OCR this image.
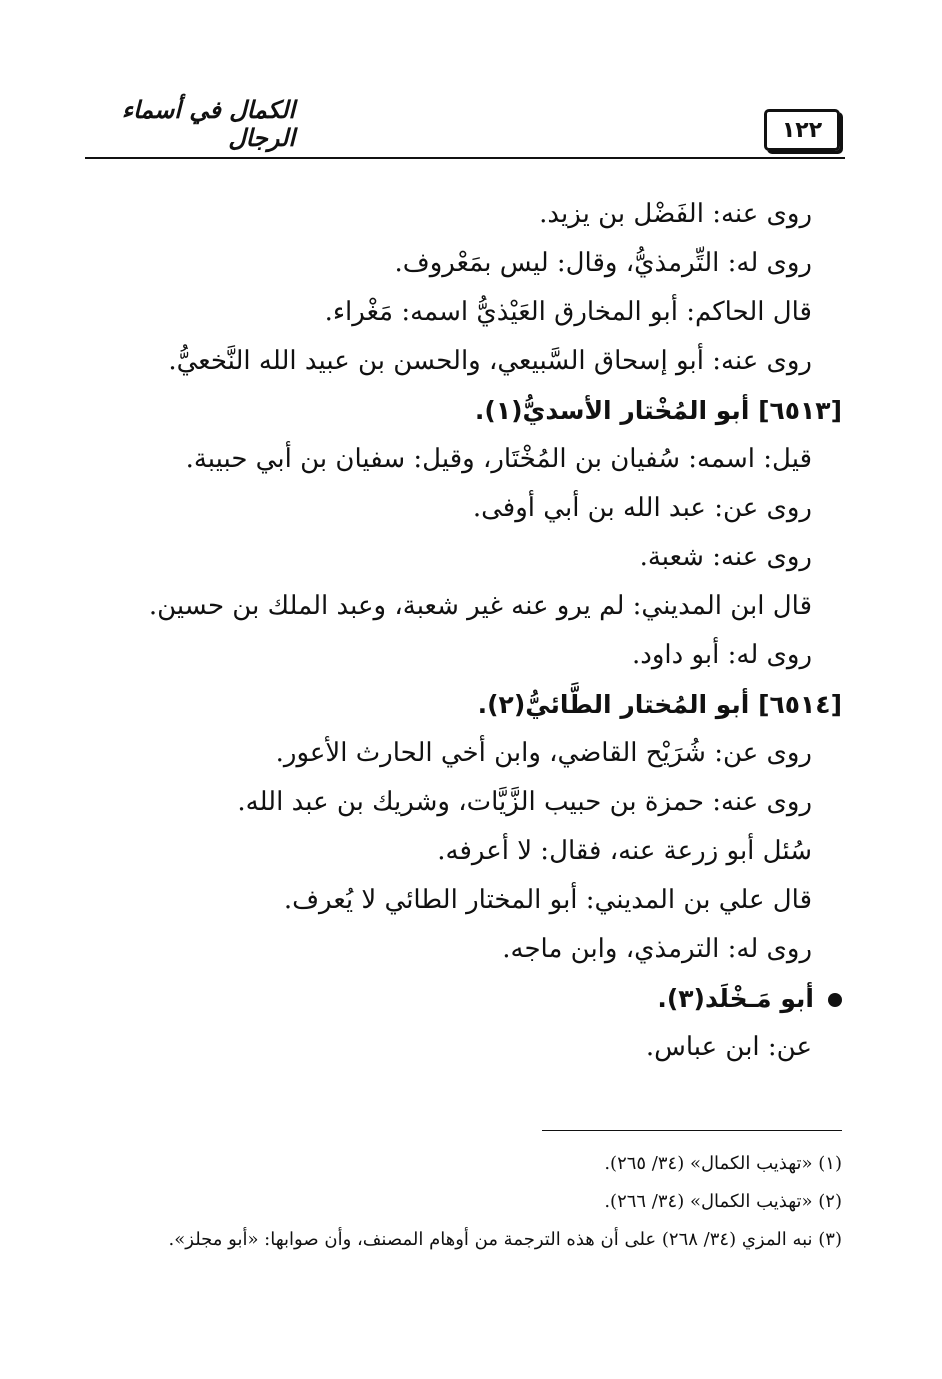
١٢٢
الكمال في أسماء الرجال
روى عنه: الفَضْل بن يزيد.
روى له: التِّرمذيُّ، وقال: ليس بمَعْروف.
قال الحاكم: أبو المخارق العَيْذيُّ اسمه: مَغْراء.
روى عنه: أبو إسحاق السَّبيعي، والحسن بن عبيد الله النَّخعيُّ.
[٦٥١٣] أبو المُخْتار الأسديُّ(١).
قيل: اسمه: سُفيان بن المُخْتَار، وقيل: سفيان بن أبي حبيبة.
روى عن: عبد الله بن أبي أوفى.
روى عنه: شعبة.
قال ابن المديني: لم يرو عنه غير شعبة، وعبد الملك بن حسين.
روى له: أبو داود.
[٦٥١٤] أبو المُختار الطَّائيُّ(٢).
روى عن: شُرَيْح القاضي، وابن أخي الحارث الأعور.
روى عنه: حمزة بن حبيب الزَّيَّات، وشريك بن عبد الله.
سُئل أبو زرعة عنه، فقال: لا أعرفه.
قال علي بن المديني: أبو المختار الطائي لا يُعرف.
روى له: الترمذي، وابن ماجه.
أبو مَـخْلَد(٣).
عن: ابن عباس.
(١) «تهذيب الكمال» (٣٤/ ٢٦٥).
(٢) «تهذيب الكمال» (٣٤/ ٢٦٦).
(٣) نبه المزي (٣٤/ ٢٦٨) على أن هذه الترجمة من أوهام المصنف، وأن صوابها: «أبو مجلز».
